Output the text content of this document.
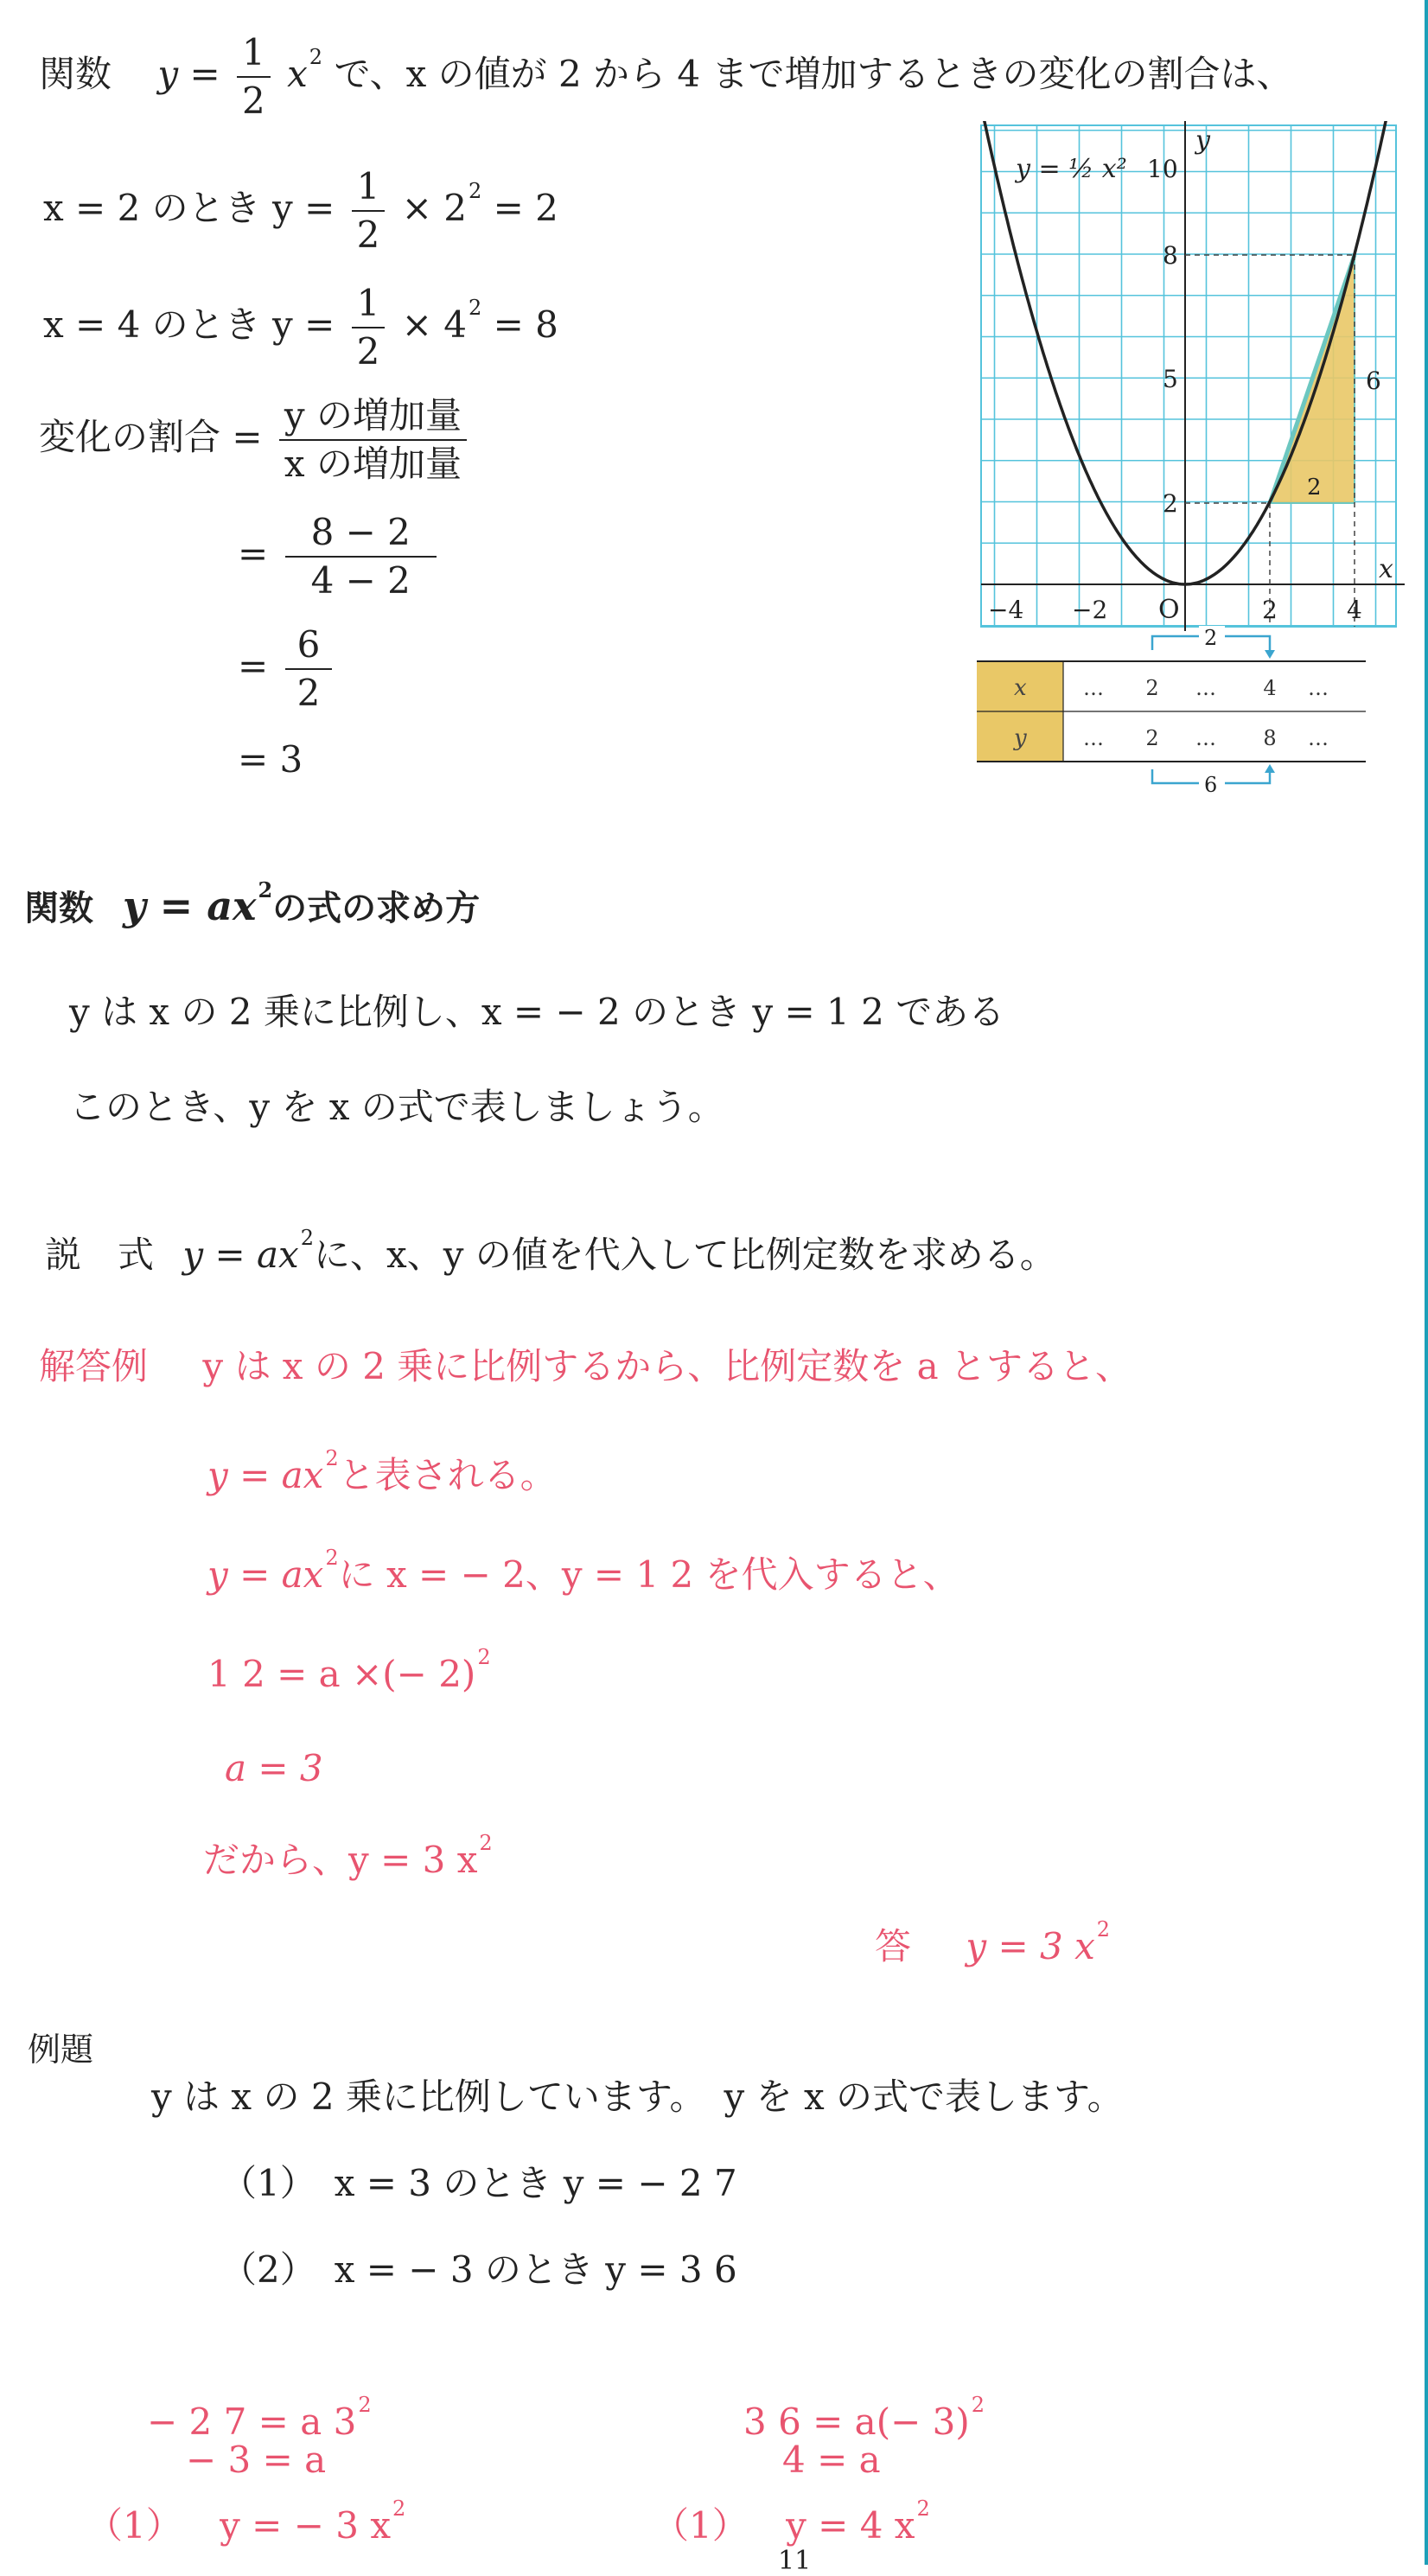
関数 $y = \frac{1}{2} x^2$ で、x の値が 2 から 4 まで増加するときの変化の割合は、
x = 2 のとき $y = \frac{1}{2} \times 2^2 = 2$
x = 4 のとき $y = \frac{1}{2} \times 4^2 = 8$
変化の割合 = $\frac{\text{y の増加量}}{\text{x の増加量}}$
= $\frac{8 - 2}{4 - 2}$
= $\frac{6}{2}$
= 3
y = ½ x²
y
x
O
10
8
5
2
−4 −2	2	4
6
2
2
x
y
… 2 … 4 …
… 2 … 8 …
6
関数 $y = ax^2$の式の求め方
y は x の 2 乗に比例し、x = − 2 のとき y = 1 2 である
このとき、y を x の式で表しましょう。
説　式 $y = ax^2$に、x、y の値を代入して比例定数を求める。
解答例 y は x の 2 乗に比例するから、比例定数を a とすると、
$y = ax^2$と表される。
$y = ax^2$に x = − 2、y = 1 2 を代入すると、
1 2 = a ×(− 2)$^2$
a = 3
だから、y = 3 $x^2$
答 y = 3 $x^2$
例題
y は x の 2 乗に比例しています。　y を x の式で表します。
（1）　x = 3 のとき y = − 2 7
（2）　x = − 3 のとき y = 3 6
− 2 7 = a $3^2$
− 3 = a
（1） y = − 3 $x^2$
3 $6 = a(- 3)^2$
4 = a
（1） y = 4 $x^2$
11
